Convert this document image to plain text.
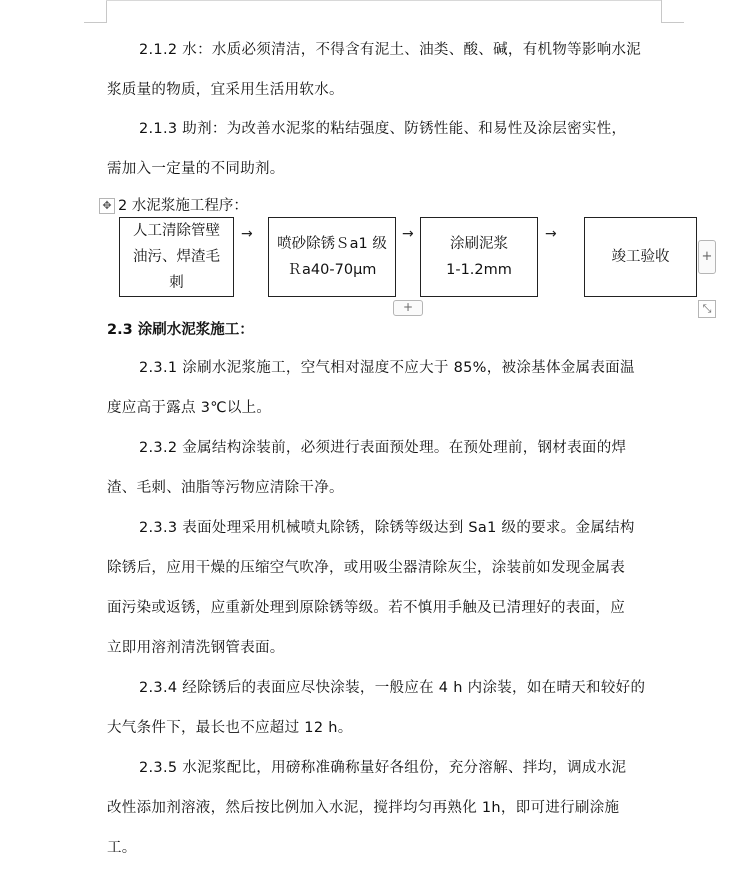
2.1.2 水：水质必须清洁，不得含有泥土、油类、酸、碱，有机物等影响水泥
浆质量的物质，宜采用生活用软水。

2.1.3 助剂：为改善水泥浆的粘结强度、防锈性能、和易性及涂层密实性，
需加入一定量的不同助剂。

✥ 2 水泥浆施工程序：
人工清除管壁
油污、焊渣毛
刺
→
喷砂除锈Ｓa1 级
Ｒa40-70μm
→
涂刷泥浆
1-1.2mm
→
竣工验收 +
+	⤡

2.3 涂刷水泥浆施工：

2.3.1 涂刷水泥浆施工，空气相对湿度不应大于 85%，被涂基体金属表面温
度应高于露点 3℃以上。

2.3.2 金属结构涂装前，必须进行表面预处理。在预处理前，钢材表面的焊
渣、毛刺、油脂等污物应清除干净。

2.3.3 表面处理采用机械喷丸除锈，除锈等级达到 Sa1 级的要求。金属结构
除锈后，应用干燥的压缩空气吹净，或用吸尘器清除灰尘，涂装前如发现金属表
面污染或返锈，应重新处理到原除锈等级。若不慎用手触及已清理好的表面，应
立即用溶剂清洗钢管表面。

2.3.4 经除锈后的表面应尽快涂装，一般应在 4 h 内涂装，如在晴天和较好的
大气条件下，最长也不应超过 12 h。

2.3.5 水泥浆配比，用磅称准确称量好各组份，充分溶解、拌均，调成水泥
改性添加剂溶液，然后按比例加入水泥，搅拌均匀再熟化 1h，即可进行刷涂施
工。
